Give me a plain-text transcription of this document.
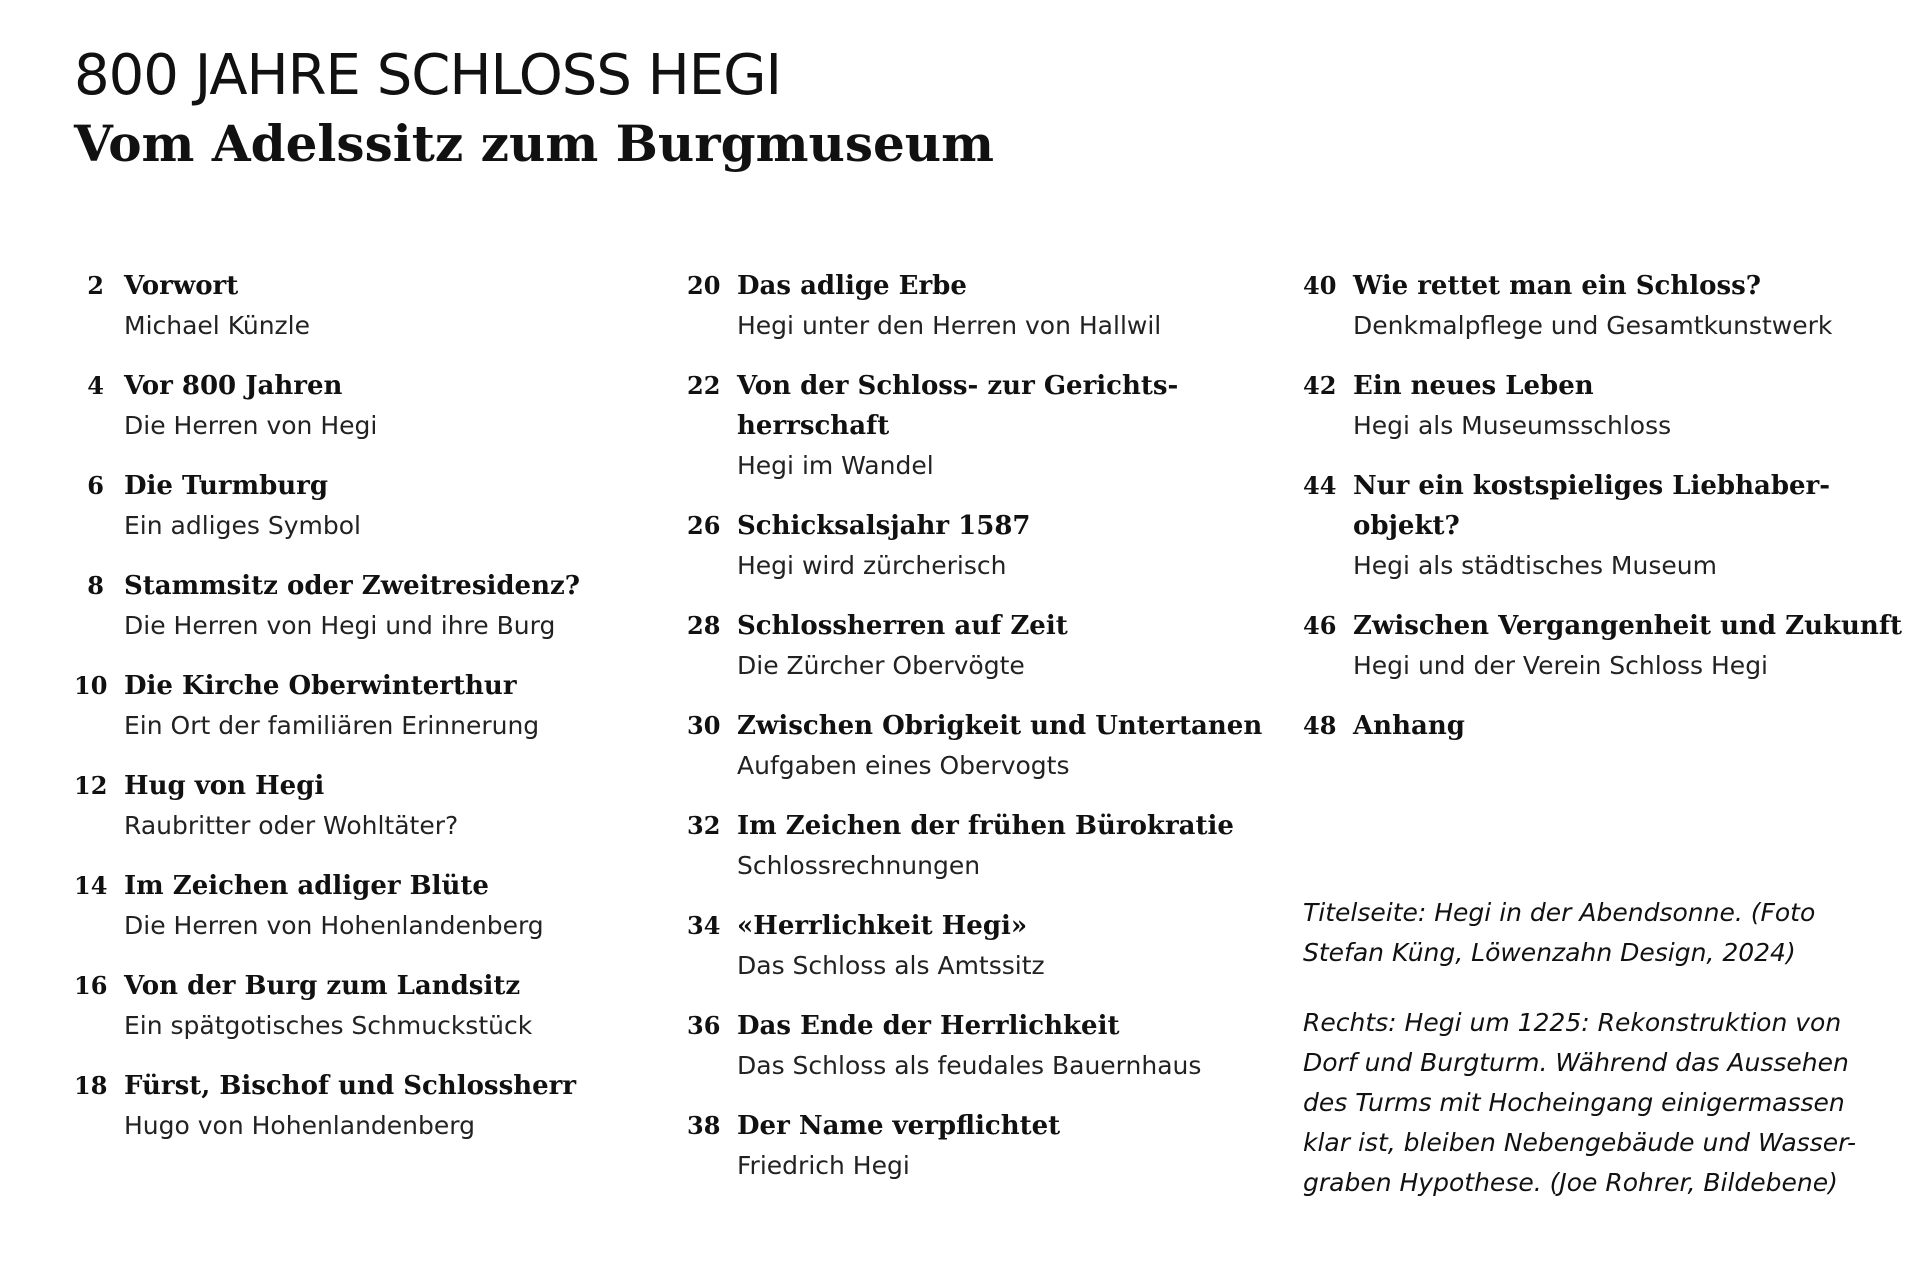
800 JAHRE SCHLOSS HEGI
Vom Adelssitz zum Burgmuseum
2 Vorwort
Michael Künzle
4 Vor 800 Jahren
Die Herren von Hegi
6 Die Turmburg
Ein adliges Symbol
8 Stammsitz oder Zweitresidenz?
Die Herren von Hegi und ihre Burg
10 Die Kirche Oberwinterthur
Ein Ort der familiären Erinnerung
12 Hug von Hegi
Raubritter oder Wohltäter?
14 Im Zeichen adliger Blüte
Die Herren von Hohenlandenberg
16 Von der Burg zum Landsitz
Ein spätgotisches Schmuckstück
18 Fürst, Bischof und Schlossherr
Hugo von Hohenlandenberg
20 Das adlige Erbe
Hegi unter den Herren von Hallwil
22 Von der Schloss- zur Gerichts-herrschaft
Hegi im Wandel
26 Schicksalsjahr 1587
Hegi wird zürcherisch
28 Schlossherren auf Zeit
Die Zürcher Obervögte
30 Zwischen Obrigkeit und Untertanen
Aufgaben eines Obervogts
32 Im Zeichen der frühen Bürokratie
Schlossrechnungen
34 «Herrlichkeit Hegi»
Das Schloss als Amtssitz
36 Das Ende der Herrlichkeit
Das Schloss als feudales Bauernhaus
38 Der Name verpflichtet
Friedrich Hegi
40 Wie rettet man ein Schloss?
Denkmalpflege und Gesamtkunstwerk
42 Ein neues Leben
Hegi als Museumsschloss
44 Nur ein kostspieliges Liebhaber-objekt?
Hegi als städtisches Museum
46 Zwischen Vergangenheit und Zukunft
Hegi und der Verein Schloss Hegi
48 Anhang

Titelseite: Hegi in der Abendsonne. (Foto Stefan Küng, Löwenzahn Design, 2024)

Rechts: Hegi um 1225: Rekonstruktion von Dorf und Burgturm. Während das Aussehen des Turms mit Hocheingang einigermassen klar ist, bleiben Nebengebäude und Wasser-graben Hypothese. (Joe Rohrer, Bildebene)
